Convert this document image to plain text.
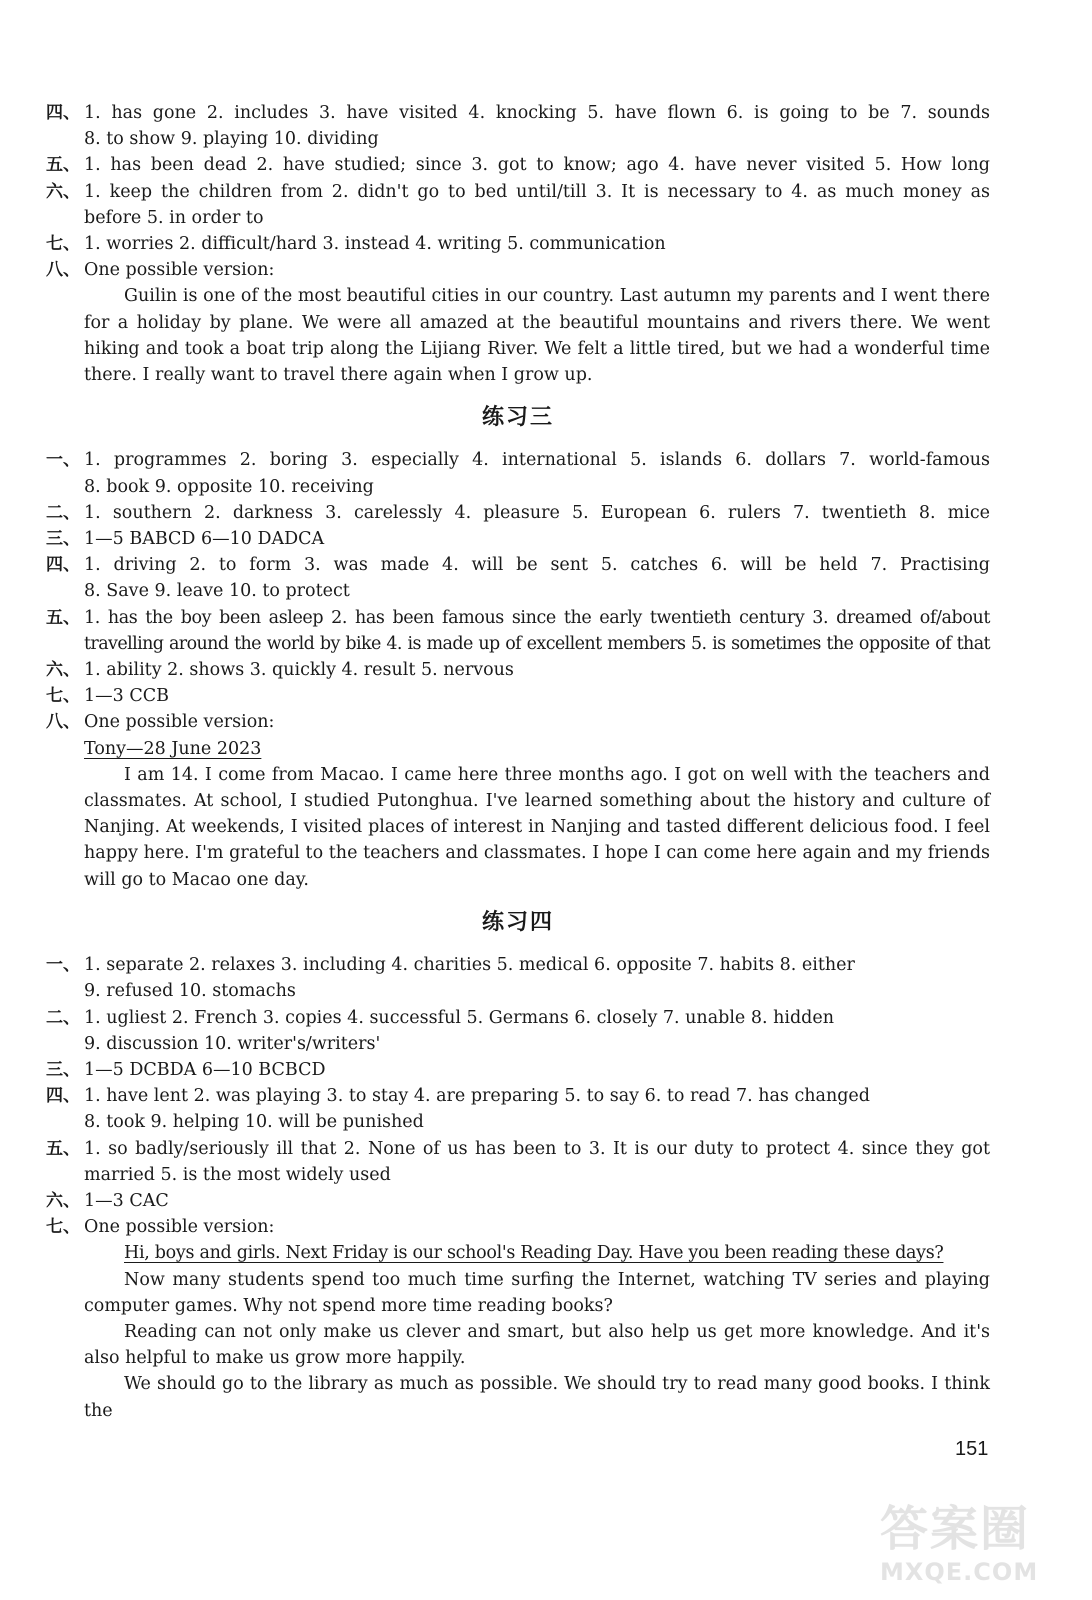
四、 1. has gone 2. includes 3. have visited 4. knocking 5. have flown 6. is going to be 7. sounds
8. to show 9. playing 10. dividing
五、 1. has been dead 2. have studied; since 3. got to know; ago 4. have never visited 5. How long
六、 1. keep the children from 2. didn't go to bed until/till 3. It is necessary to 4. as much money as
before 5. in order to
七、 1. worries 2. difficult/hard 3. instead 4. writing 5. communication
八、 One possible version:
Guilin is one of the most beautiful cities in our country. Last autumn my parents and I went there for a holiday by plane. We were all amazed at the beautiful mountains and rivers there. We went hiking and took a boat trip along the Lijiang River. We felt a little tired, but we had a wonderful time there. I really want to travel there again when I grow up.
练习三
一、 1. programmes 2. boring 3. especially 4. international 5. islands 6. dollars 7. world-famous
8. book 9. opposite 10. receiving
二、 1. southern 2. darkness 3. carelessly 4. pleasure 5. European 6. rulers 7. twentieth 8. mice
三、 1—5 BABCD 6—10 DADCA
四、 1. driving 2. to form 3. was made 4. will be sent 5. catches 6. will be held 7. Practising
8. Save 9. leave 10. to protect
五、 1. has the boy been asleep 2. has been famous since the early twentieth century 3. dreamed of/about
travelling around the world by bike 4. is made up of excellent members 5. is sometimes the opposite of that
六、 1. ability 2. shows 3. quickly 4. result 5. nervous
七、 1—3 CCB
八、 One possible version:
Tony—28 June 2023
I am 14. I come from Macao. I came here three months ago. I got on well with the teachers and classmates. At school, I studied Putonghua. I've learned something about the history and culture of Nanjing. At weekends, I visited places of interest in Nanjing and tasted different delicious food. I feel happy here. I'm grateful to the teachers and classmates. I hope I can come here again and my friends will go to Macao one day.
练习四
一、 1. separate 2. relaxes 3. including 4. charities 5. medical 6. opposite 7. habits 8. either
9. refused 10. stomachs
二、 1. ugliest 2. French 3. copies 4. successful 5. Germans 6. closely 7. unable 8. hidden
9. discussion 10. writer's/writers'
三、 1—5 DCBDA 6—10 BCBCD
四、 1. have lent 2. was playing 3. to stay 4. are preparing 5. to say 6. to read 7. has changed
8. took 9. helping 10. will be punished
五、 1. so badly/seriously ill that 2. None of us has been to 3. It is our duty to protect 4. since they got
married 5. is the most widely used
六、 1—3 CAC
七、 One possible version:
Hi, boys and girls. Next Friday is our school's Reading Day. Have you been reading these days?
Now many students spend too much time surfing the Internet, watching TV series and playing computer games. Why not spend more time reading books?
Reading can not only make us clever and smart, but also help us get more knowledge. And it's also helpful to make us grow more happily.
We should go to the library as much as possible. We should try to read many good books. I think the
151
答案圈
MXQE.COM
